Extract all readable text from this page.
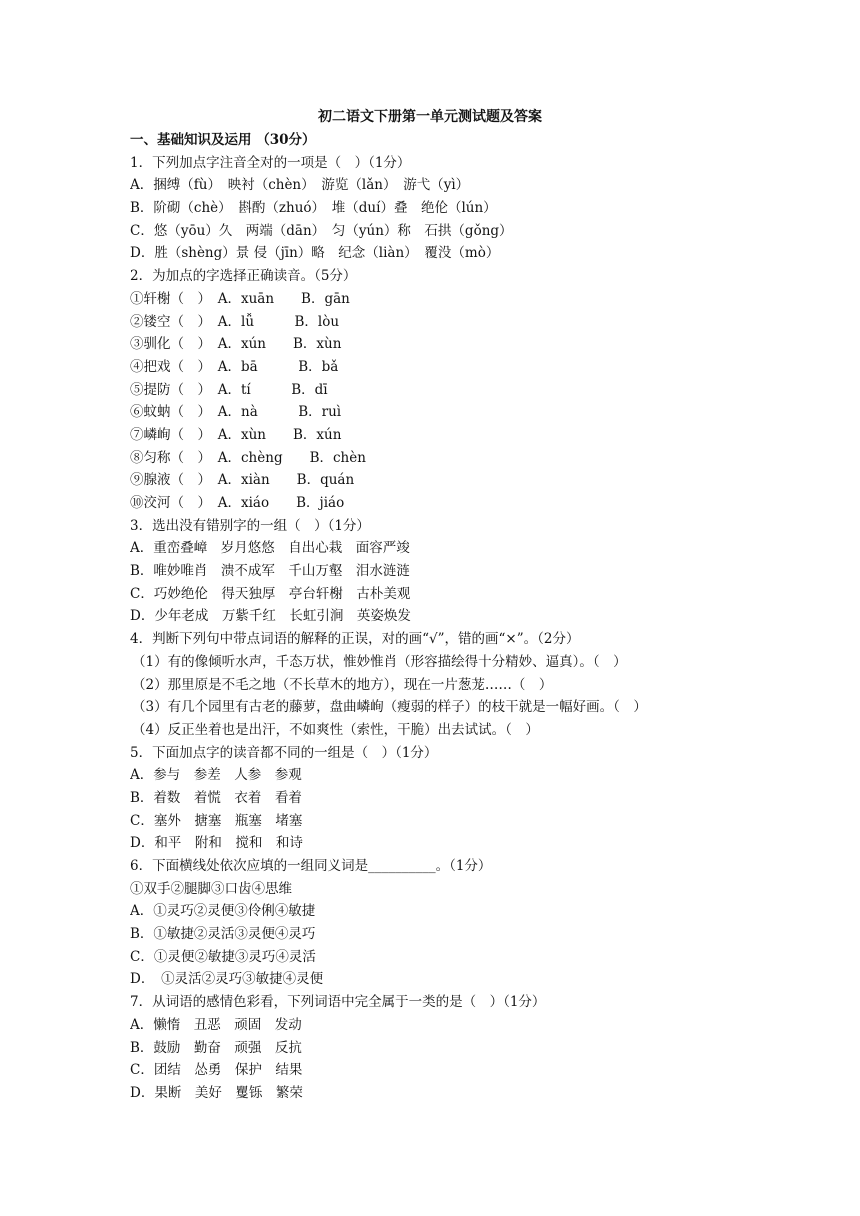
初二语文下册第一单元测试题及答案
一、基础知识及运用 （30分）
1．下列加点字注音全对的一项是（　）（1分）
A．捆缚（fù）　映衬（chèn）　游览（lǎn）　游弋（yì）
B．阶砌（chè）　斟酌（zhuó）　堆（duí）叠　绝伦（lún）
C．悠（yōu）久　两端（dān）　匀（yún）称　石拱（gǒng）
D．胜（shèng）景 侵（jīn）略　纪念（liàn）　覆没（mò）
2．为加点的字选择正确读音。（5分）
①轩榭（　）　A．xuān　　B．gān
②镂空（　）　A．lǚ　　　B．lòu
③驯化（　）　A．xún　　B．xùn
④把戏（　）　A．bā　　　B．bǎ
⑤提防（　）　A．tí　　　B．dī
⑥蚊蚋（　）　A．nà　　　B．ruì
⑦嶙峋（　）　A．xùn　　B．xún
⑧匀称（　）　A．chèng　　B．chèn
⑨腺液（　）　A．xiàn　　B．quán
⑩洨河（　）　A．xiáo　　B．jiáo
3．选出没有错别字的一组（　）（1分）
A．重峦叠嶂　岁月悠悠　自出心栽　面容严竣
B．唯妙唯肖　溃不成军　千山万壑　泪水涟涟
C．巧妙绝伦　得天独厚　亭台轩榭　古朴美观
D．少年老成　万紫千红　长虹引涧　英姿焕发
4．判断下列句中带点词语的解释的正误，对的画“√”，错的画“×”。（2分）
（1）有的像倾听水声，千态万状，惟妙惟肖（形容描绘得十分精妙、逼真）。（　）
（2）那里原是不毛之地（不长草木的地方），现在一片葱茏……（　）
（3）有几个园里有古老的藤萝，盘曲嶙峋（瘦弱的样子）的枝干就是一幅好画。（　）
（4）反正坐着也是出汗，不如爽性（索性，干脆）出去试试。（　）
5．下面加点字的读音都不同的一组是（　）（1分）
A．参与　参差　人参　参观
B．着数　着慌　衣着　看着
C．塞外　搪塞　瓶塞　堵塞
D．和平　附和　搅和　和诗
6．下面横线处依次应填的一组同义词是__________。（1分）
①双手②腿脚③口齿④思维
A．①灵巧②灵便③伶俐④敏捷
B．①敏捷②灵活③灵便④灵巧
C．①灵便②敏捷③灵巧④灵活
D．　①灵活②灵巧③敏捷④灵便
7．从词语的感情色彩看，下列词语中完全属于一类的是（　）（1分）
A．懒惰　丑恶　顽固　发动
B．鼓励　勤奋　顽强　反抗
C．团结　怂勇　保护　结果
D．果断　美好　矍铄　繁荣
